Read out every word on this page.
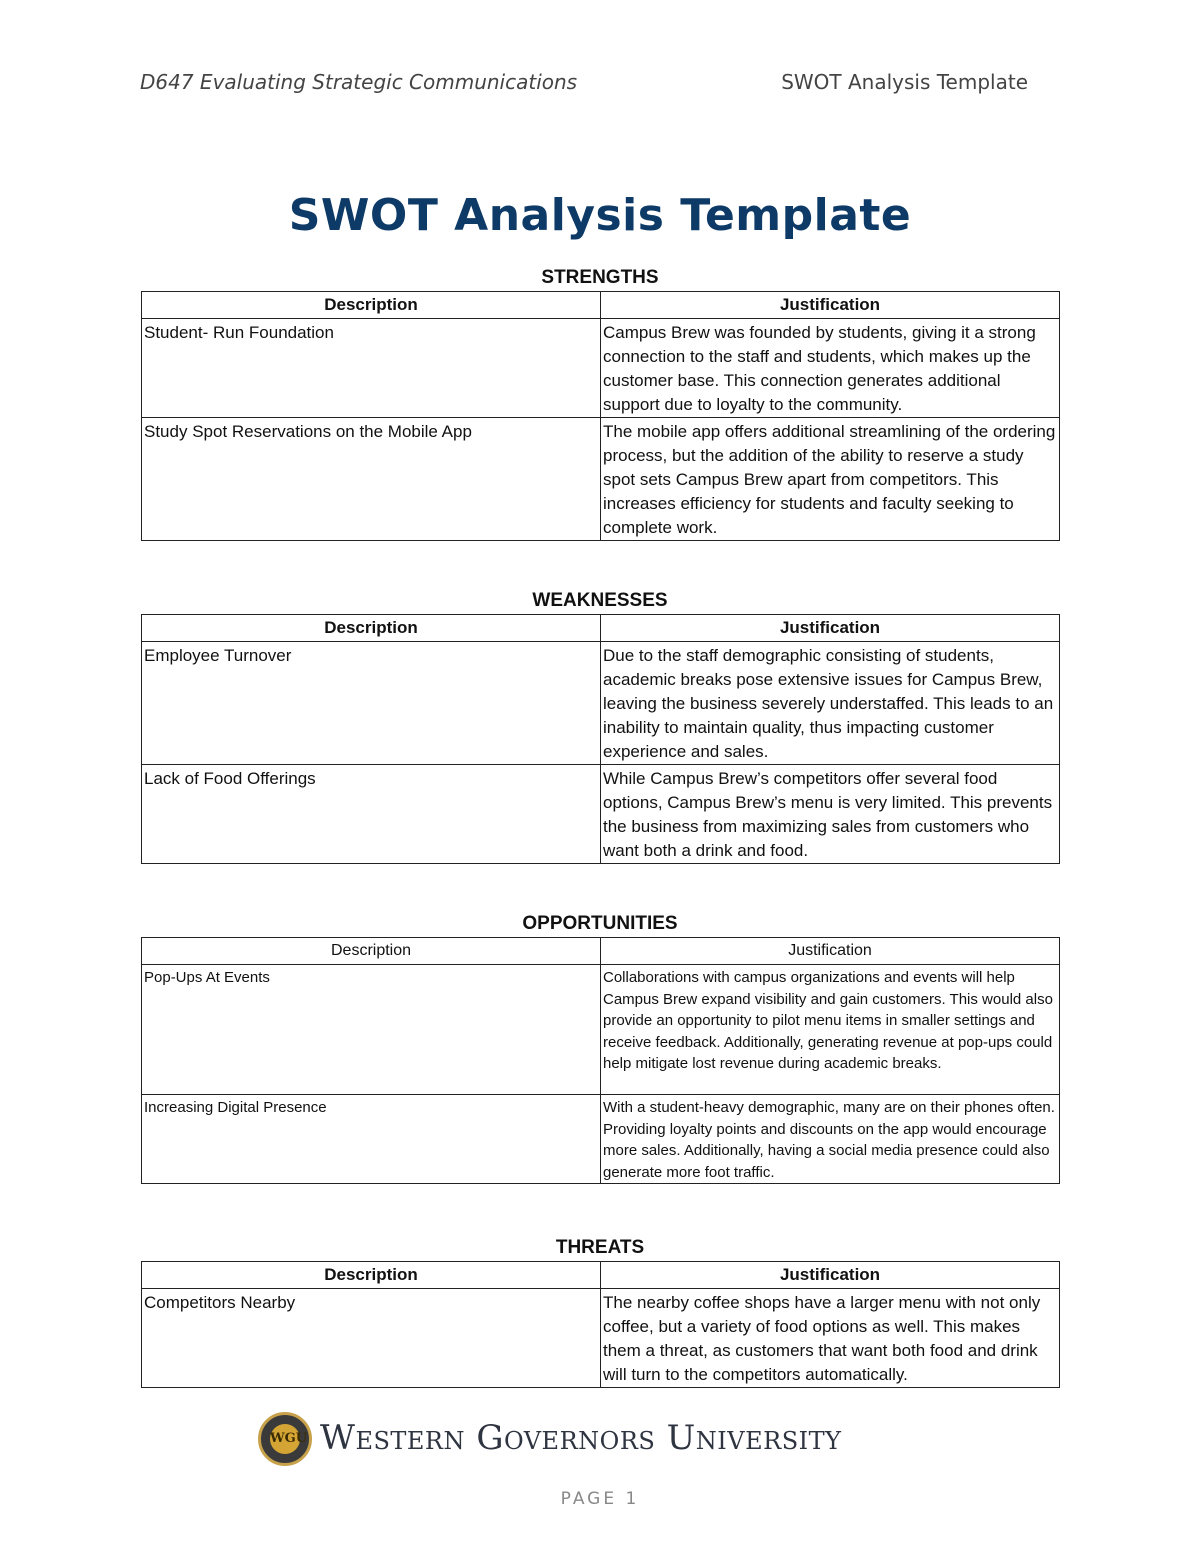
D647 Evaluating Strategic Communications	SWOT Analysis Template
SWOT Analysis Template
STRENGTHS
Description	Justification
Student- Run Foundation	Campus Brew was founded by students, giving it a strong connection to the staff and students, which makes up the customer base. This connection generates additional support due to loyalty to the community.
Study Spot Reservations on the Mobile App	The mobile app offers additional streamlining of the ordering process, but the addition of the ability to reserve a study spot sets Campus Brew apart from competitors. This increases efficiency for students and faculty seeking to complete work.
WEAKNESSES
Description	Justification
Employee Turnover	Due to the staff demographic consisting of students, academic breaks pose extensive issues for Campus Brew, leaving the business severely understaffed. This leads to an inability to maintain quality, thus impacting customer experience and sales.
Lack of Food Offerings	While Campus Brew’s competitors offer several food options, Campus Brew’s menu is very limited. This prevents the business from maximizing sales from customers who want both a drink and food.
OPPORTUNITIES
Description	Justification
Pop-Ups At Events	Collaborations with campus organizations and events will help Campus Brew expand visibility and gain customers. This would also provide an opportunity to pilot menu items in smaller settings and receive feedback. Additionally, generating revenue at pop-ups could help mitigate lost revenue during academic breaks.
Increasing Digital Presence	With a student-heavy demographic, many are on their phones often. Providing loyalty points and discounts on the app would encourage more sales. Additionally, having a social media presence could also generate more foot traffic.
THREATS
Description	Justification
Competitors Nearby	The nearby coffee shops have a larger menu with not only coffee, but a variety of food options as well. This makes them a threat, as customers that want both food and drink will turn to the competitors automatically.
WGU Western Governors University
PAGE 1
